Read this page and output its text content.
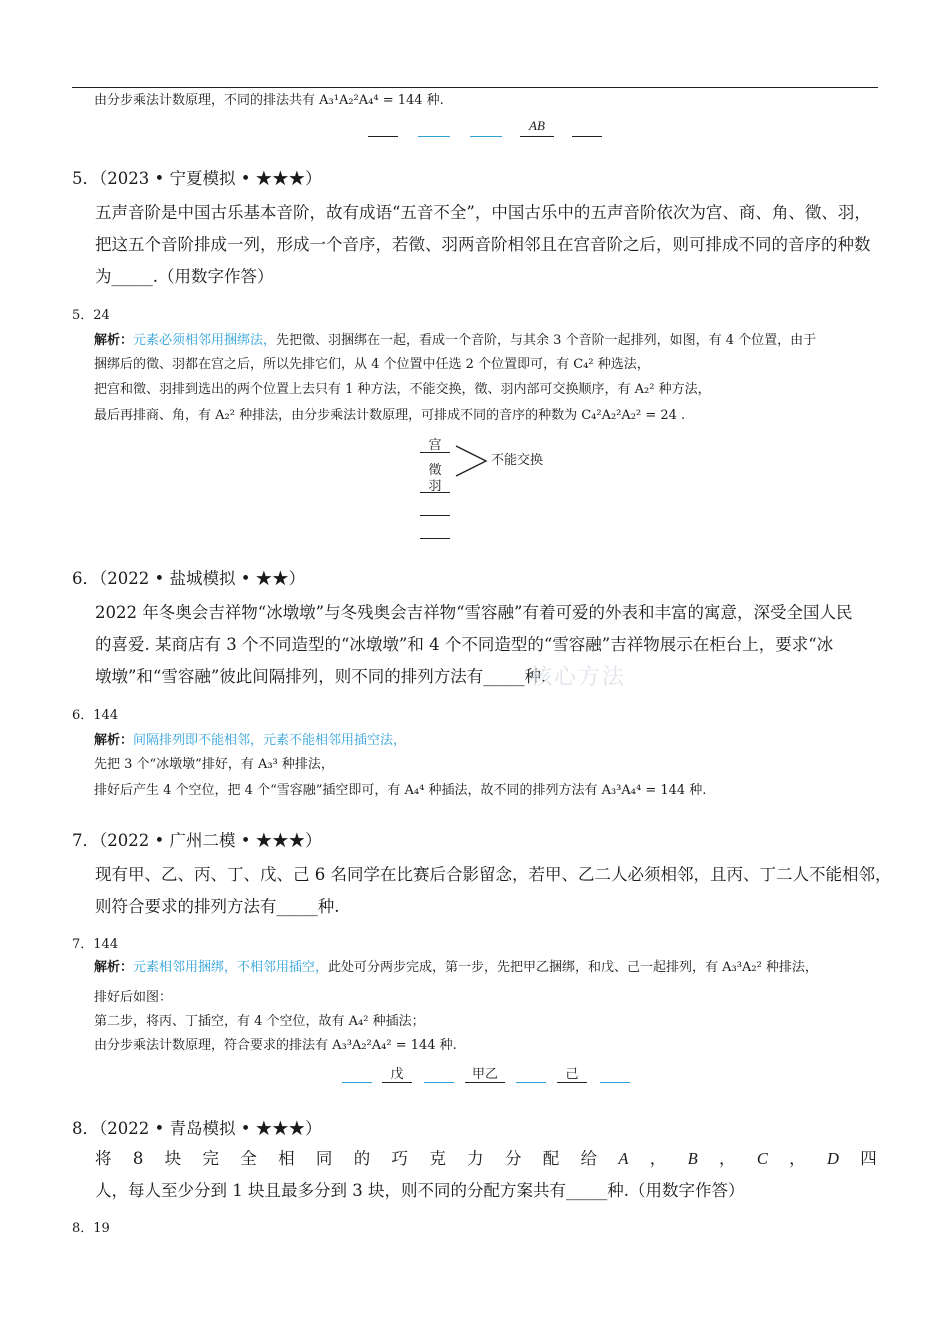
由分步乘法计数原理，不同的排法共有 A₃¹A₂²A₄⁴ = 144 种.
AB
5．（2023 • 宁夏模拟 • ★★★）
五声音阶是中国古乐基本音阶，故有成语“五音不全”，中国古乐中的五声音阶依次为宫、商、角、徵、羽，
把这五个音阶排成一列，形成一个音序，若徵、羽两音阶相邻且在宫音阶之后，则可排成不同的音序的种数
为_____.（用数字作答）
5．24
解析：元素必须相邻用捆绑法，先把徵、羽捆绑在一起，看成一个音阶，与其余 3 个音阶一起排列，如图，有 4 个位置，由于
捆绑后的徵、羽都在宫之后，所以先排它们，从 4 个位置中任选 2 个位置即可，有 C₄² 种选法，
把宫和徵、羽排到选出的两个位置上去只有 1 种方法，不能交换，徵、羽内部可交换顺序，有 A₂² 种方法，
最后再排商、角，有 A₂² 种排法，由分步乘法计数原理，可排成不同的音序的种数为 C₄²A₂²A₂² = 24 .
宫
徵
羽
不能交换
6．（2022 • 盐城模拟 • ★★）
2022 年冬奥会吉祥物“冰墩墩”与冬残奥会吉祥物“雪容融”有着可爱的外表和丰富的寓意，深受全国人民
的喜爱. 某商店有 3 个不同造型的“冰墩墩”和 4 个不同造型的“雪容融”吉祥物展示在柜台上，要求“冰
墩墩”和“雪容融”彼此间隔排列，则不同的排列方法有_____种.
核心方法
6．144
解析：间隔排列即不能相邻，元素不能相邻用插空法，
先把 3 个“冰墩墩”排好，有 A₃³ 种排法，
排好后产生 4 个空位，把 4 个“雪容融”插空即可，有 A₄⁴ 种插法，故不同的排列方法有 A₃³A₄⁴ = 144 种.
7．（2022 • 广州二模 • ★★★）
现有甲、乙、丙、丁、戊、己 6 名同学在比赛后合影留念，若甲、乙二人必须相邻，且丙、丁二人不能相邻，
则符合要求的排列方法有_____种.
7．144
解析：元素相邻用捆绑，不相邻用插空，此处可分两步完成，第一步，先把甲乙捆绑，和戊、己一起排列，有 A₃³A₂² 种排法，
排好后如图：
第二步，将丙、丁插空，有 4 个空位，故有 A₄² 种插法；
由分步乘法计数原理，符合要求的排法有 A₃³A₂²A₄² = 144 种.
戊	甲乙	己
8．（2022 • 青岛模拟 • ★★★）
将 8 块 完 全 相 同 的 巧 克 力 分 配 给 A ， B ， C ， D 四
人，每人至少分到 1 块且最多分到 3 块，则不同的分配方案共有_____种.（用数字作答）
8．19
